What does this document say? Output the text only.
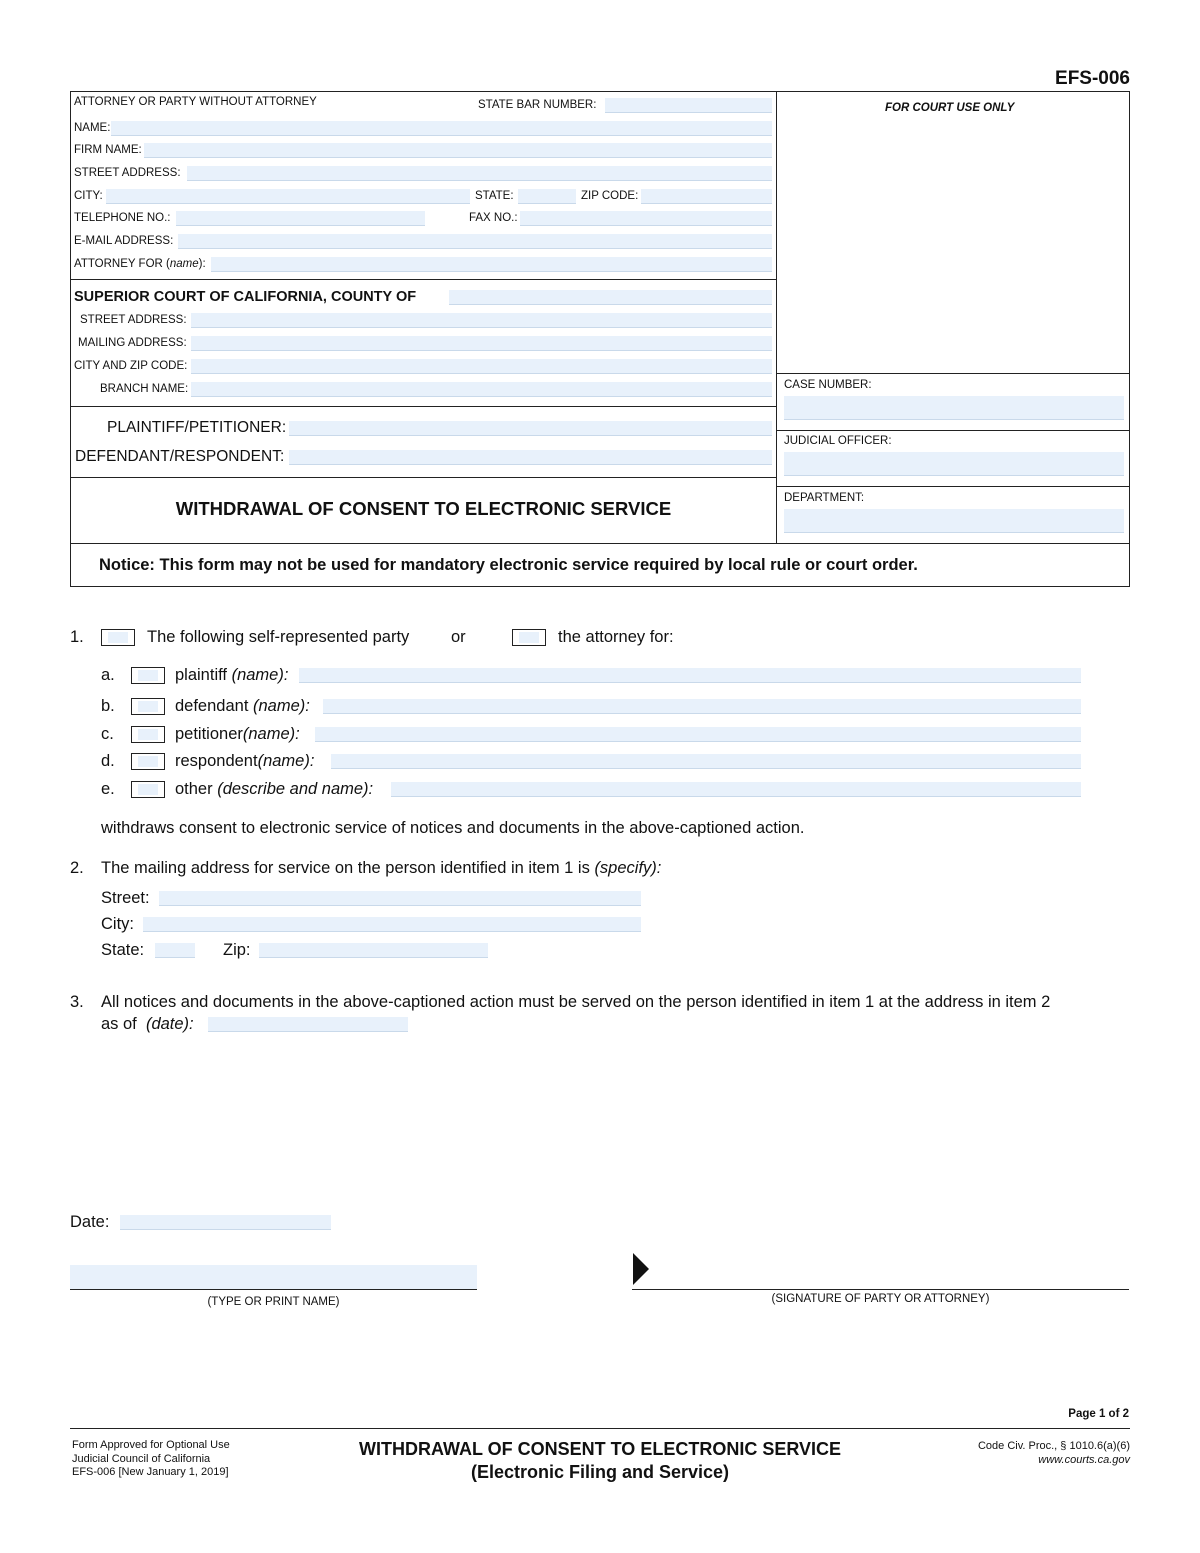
EFS-006
ATTORNEY OR PARTY WITHOUT ATTORNEY	STATE BAR NUMBER:	FOR COURT USE ONLY
NAME:
FIRM NAME:
STREET ADDRESS:
CITY:	STATE:	ZIP CODE:
TELEPHONE NO.:	FAX NO.:
E-MAIL ADDRESS:
ATTORNEY FOR (name):
SUPERIOR COURT OF CALIFORNIA, COUNTY OF
STREET ADDRESS:
MAILING ADDRESS:
CITY AND ZIP CODE:
BRANCH NAME:
PLAINTIFF/PETITIONER:
DEFENDANT/RESPONDENT:
WITHDRAWAL OF CONSENT TO ELECTRONIC SERVICE
CASE NUMBER:
JUDICIAL OFFICER:
DEPARTMENT:
Notice: This form may not be used for mandatory electronic service required by local rule or court order.
1.	The following self-represented party	or	the attorney for:
a.	plaintiff (name):
b.	defendant (name):
c.	petitioner(name):
d.	respondent(name):
e.	other (describe and name):
withdraws consent to electronic service of notices and documents in the above-captioned action.
2. The mailing address for service on the person identified in item 1 is (specify):
Street:
City:
State:	Zip:
3. All notices and documents in the above-captioned action must be served on the person identified in item 1 at the address in item 2
as of (date):
Date:
(TYPE OR PRINT NAME)	(SIGNATURE OF PARTY OR ATTORNEY)
Page 1 of 2
Form Approved for Optional Use
Judicial Council of California
EFS-006 [New January 1, 2019]
WITHDRAWAL OF CONSENT TO ELECTRONIC SERVICE
(Electronic Filing and Service)
Code Civ. Proc., § 1010.6(a)(6)
www.courts.ca.gov
